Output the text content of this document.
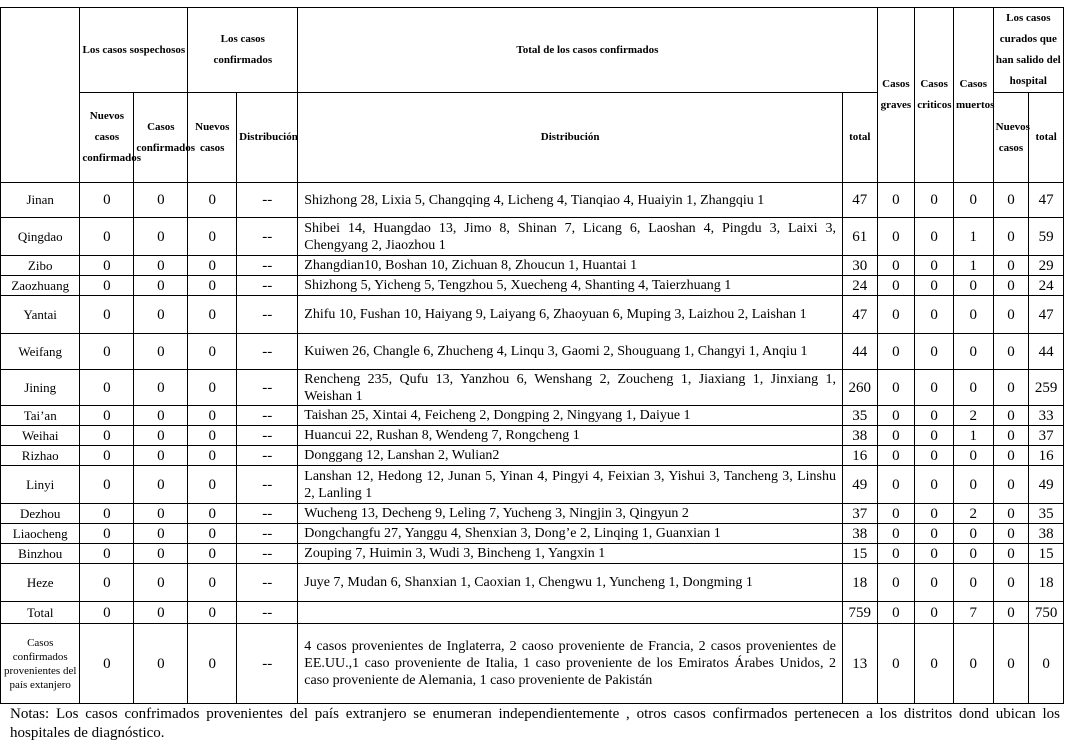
	Los casos sospechosos		Los casos confirmados		Total de los casos confirmados		Casos graves	Casos criticos	Casos muertos	Los casos curados que han salido del hospital	
	Nuevos casos confirmados	Casos confirmados	Nuevos casos	Distribución	Distribución	total				Nuevos casos	total
Jinan	0	0	0	--	Shizhong 28, Lixia 5, Changqing 4, Licheng 4, Tianqiao 4, Huaiyin 1, Zhangqiu 1	47	0	0	0	0	47
Qingdao	0	0	0	--	Shibei 14, Huangdao 13, Jimo 8, Shinan 7, Licang 6, Laoshan 4, Pingdu 3, Laixi 3, Chengyang 2, Jiaozhou 1	61	0	0	1	0	59
Zibo	0	0	0	--	Zhangdian10, Boshan 10, Zichuan 8, Zhoucun 1, Huantai 1	30	0	0	1	0	29
Zaozhuang	0	0	0	--	Shizhong 5, Yicheng 5, Tengzhou 5, Xuecheng 4, Shanting 4, Taierzhuang 1	24	0	0	0	0	24
Yantai	0	0	0	--	Zhifu 10, Fushan 10, Haiyang 9, Laiyang 6, Zhaoyuan 6, Muping 3, Laizhou 2, Laishan 1	47	0	0	0	0	47
Weifang	0	0	0	--	Kuiwen 26, Changle 6, Zhucheng 4, Linqu 3, Gaomi 2, Shouguang 1, Changyi 1, Anqiu 1	44	0	0	0	0	44
Jining	0	0	0	--	Rencheng 235, Qufu 13, Yanzhou 6, Wenshang 2, Zoucheng 1, Jiaxiang 1, Jinxiang 1, Weishan 1	260	0	0	0	0	259
Tai’an	0	0	0	--	Taishan 25, Xintai 4, Feicheng 2, Dongping 2, Ningyang 1, Daiyue 1	35	0	0	2	0	33
Weihai	0	0	0	--	Huancui 22, Rushan 8, Wendeng 7, Rongcheng 1	38	0	0	1	0	37
Rizhao	0	0	0	--	Donggang 12, Lanshan 2, Wulian2	16	0	0	0	0	16
Linyi	0	0	0	--	Lanshan 12, Hedong 12, Junan 5, Yinan 4, Pingyi 4, Feixian 3, Yishui 3, Tancheng 3, Linshu 2, Lanling 1	49	0	0	0	0	49
Dezhou	0	0	0	--	Wucheng 13, Decheng 9, Leling 7, Yucheng 3, Ningjin 3, Qingyun 2	37	0	0	2	0	35
Liaocheng	0	0	0	--	Dongchangfu 27, Yanggu 4, Shenxian 3, Dong’e 2, Linqing 1, Guanxian 1	38	0	0	0	0	38
Binzhou	0	0	0	--	Zouping 7, Huimin 3, Wudi 3, Bincheng 1, Yangxin 1	15	0	0	0	0	15
Heze	0	0	0	--	Juye 7, Mudan 6, Shanxian 1, Caoxian 1, Chengwu 1, Yuncheng 1, Dongming 1	18	0	0	0	0	18
Total	0	0	0	--		759	0	0	7	0	750
Casos confirmados provenientes del país extanjero	0	0	0	--	4 casos provenientes de Inglaterra, 2 caoso proveniente de Francia, 2 casos provenientes de EE.UU.,1 caso proveniente de Italia, 1 caso proveniente de los Emiratos Árabes Unidos, 2 caso proveniente de Alemania, 1 caso proveniente de Pakistán	13	0	0	0	0	0
Notas: Los casos confrimados provenientes del país extranjero se enumeran independientemente , otros casos confirmados pertenecen a los distritos dond ubican los hospitales de diagnóstico.
